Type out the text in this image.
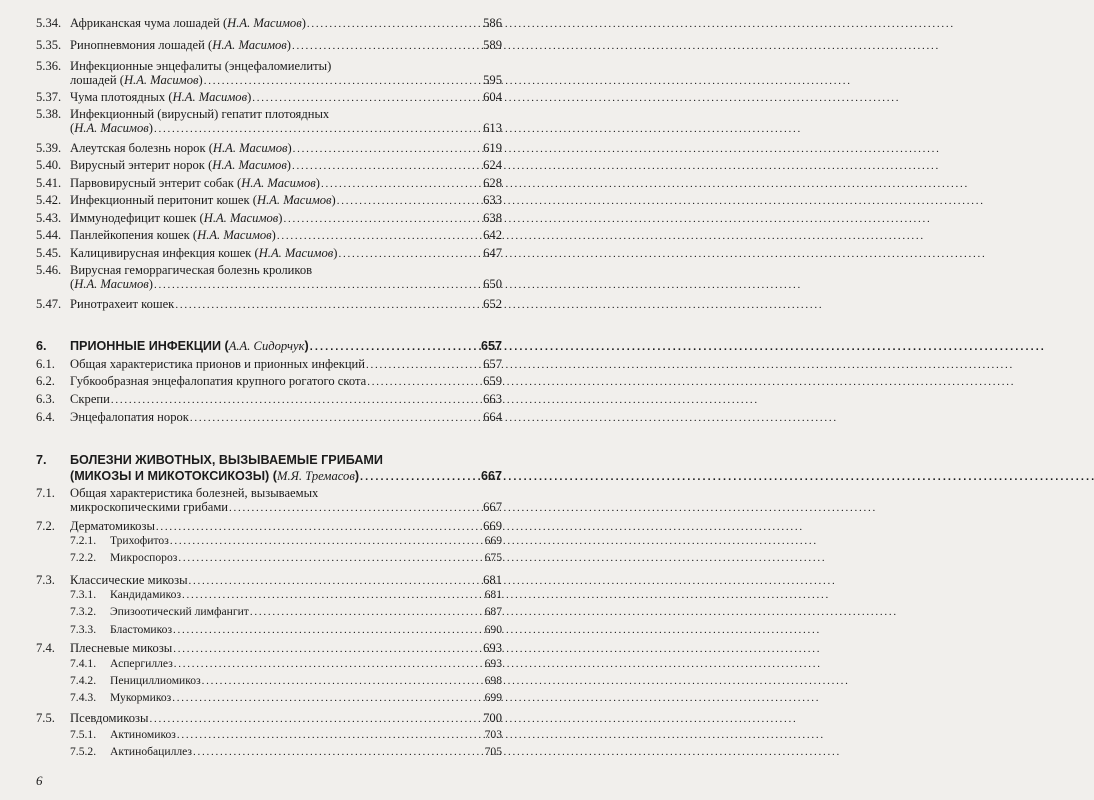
5.34. Африканская чума лошадей (Н.А. Масимов) . . .	586
5.35. Ринопневмония лошадей (Н.А. Масимов) . . .	589
5.36. Инфекционные энцефалиты (энцефаломиелиты)
лошадей (Н.А. Масимов) . . .	595
5.37. Чума плотоядных (Н.А. Масимов) . . .	604
5.38. Инфекционный (вирусный) гепатит плотоядных
(Н.А. Масимов) . . .	613
5.39. Алеутская болезнь норок (Н.А. Масимов) . . .	619
5.40. Вирусный энтерит норок (Н.А. Масимов) . . .	624
5.41. Парвовирусный энтерит собак (Н.А. Масимов) . . .	628
5.42. Инфекционный перитонит кошек (Н.А. Масимов) . . .	633
5.43. Иммунодефицит кошек (Н.А. Масимов) . . .	638
5.44. Панлейкопения кошек (Н.А. Масимов) . . .	642
5.45. Калицивирусная инфекция кошек (Н.А. Масимов) . . .	647
5.46. Вирусная геморрагическая болезнь кроликов
(Н.А. Масимов) . . .	650
5.47. Ринотрахеит кошек . . .	652
6. ПРИОННЫЕ ИНФЕКЦИИ (А.А. Сидорчук) . . .	657
6.1. Общая характеристика прионов и прионных инфекций . . .	657
6.2. Губкообразная энцефалопатия крупного рогатого скота . . .	659
6.3. Скрепи . . .	663
6.4. Энцефалопатия норок . . .	664
7. БОЛЕЗНИ ЖИВОТНЫХ, ВЫЗЫВАЕМЫЕ ГРИБАМИ
(МИКОЗЫ И МИКОТОКСИКОЗЫ) (М.Я. Тремасов) . . .	667
7.1. Общая характеристика болезней, вызываемых
микроскопическими грибами . . .	667
7.2. Дерматомикозы . . .	669
7.2.1. Трихофитоз . . .	669
7.2.2. Микроспороз . . .	675
7.3. Классические микозы . . .	681
7.3.1. Кандидамикоз . . .	681
7.3.2. Эпизоотический лимфангит . . .	687
7.3.3. Бластомикоз . . .	690
7.4. Плесневые микозы . . .	693
7.4.1. Аспергиллез . . .	693
7.4.2. Пенициллиомикоз . . .	698
7.4.3. Мукормикоз . . .	699
7.5. Псевдомикозы . . .	700
7.5.1. Актиномикоз . . .	703
7.5.2. Актинобациллез . . .	705
6
